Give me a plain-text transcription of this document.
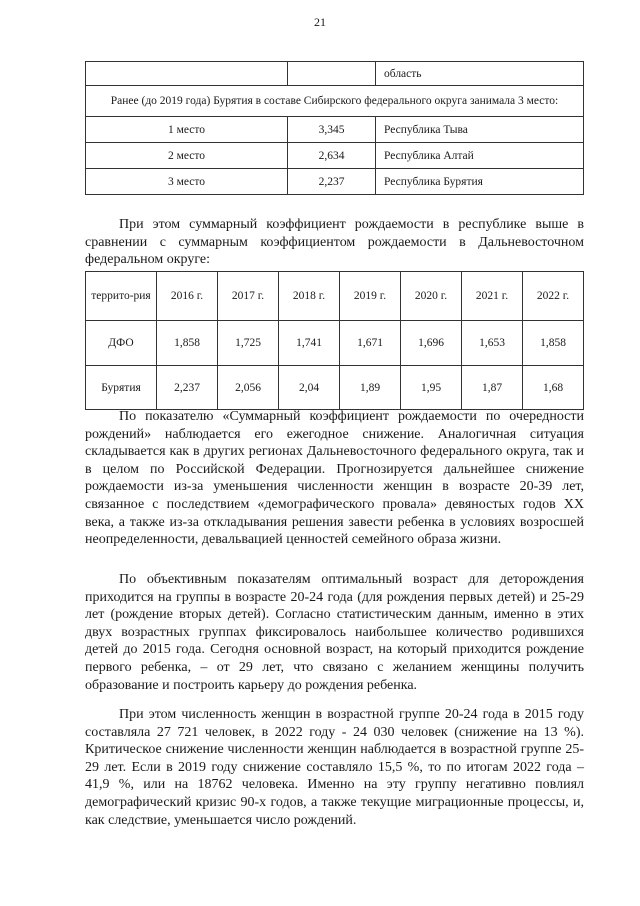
21
		область
Ранее (до 2019 года) Бурятия в составе Сибирского федерального округа занимала 3 место:		
1 место	3,345	Республика Тыва
2 место	2,634	Республика Алтай
3 место	2,237	Республика Бурятия

При этом суммарный коэффициент рождаемости в республике выше в сравнении с суммарным коэффициентом рождаемости в Дальневосточном федеральном округе:

террито-рия	2016 г.	2017 г.	2018 г.	2019 г.	2020 г.	2021 г.	2022 г.
ДФО	1,858	1,725	1,741	1,671	1,696	1,653	1,858
Бурятия	2,237	2,056	2,04	1,89	1,95	1,87	1,68

По показателю «Суммарный коэффициент рождаемости по очередности рождений» наблюдается его ежегодное снижение. Аналогичная ситуация складывается как в других регионах Дальневосточного федерального округа, так и в целом по Российской Федерации. Прогнозируется дальнейшее снижение рождаемости из-за уменьшения численности женщин в возрасте 20-39 лет, связанное с последствием «демографического провала» девяностых годов XX века, а также из-за откладывания решения завести ребенка в условиях возросшей неопределенности, девальвацией ценностей семейного образа жизни.

По объективным показателям оптимальный возраст для деторождения приходится на группы в возрасте 20-24 года (для рождения первых детей) и 25-29 лет (рождение вторых детей). Согласно статистическим данным, именно в этих двух возрастных группах фиксировалось наибольшее количество родившихся детей до 2015 года. Сегодня основной возраст, на который приходится рождение первого ребенка, – от 29 лет, что связано с желанием женщины получить образование и построить карьеру до рождения ребенка.

При этом численность женщин в возрастной группе 20-24 года в 2015 году составляла 27 721 человек, в 2022 году - 24 030 человек (снижение на 13 %). Критическое снижение численности женщин наблюдается в возрастной группе 25-29 лет. Если в 2019 году снижение составляло 15,5 %, то по итогам 2022 года – 41,9 %, или на 18762 человека. Именно на эту группу негативно повлиял демографический кризис 90-х годов, а также текущие миграционные процессы, и, как следствие, уменьшается число рождений.
